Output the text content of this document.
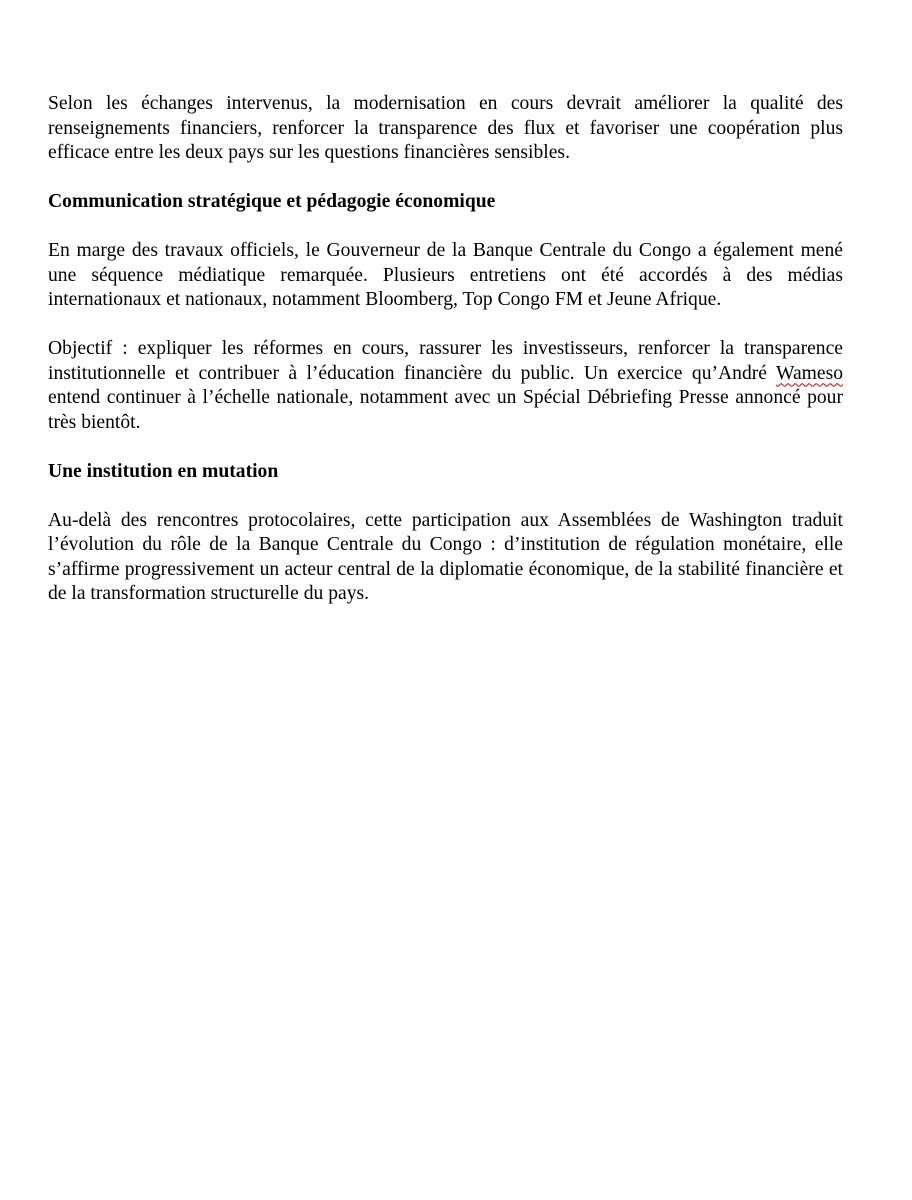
Selon les échanges intervenus, la modernisation en cours devrait améliorer la qualité des renseignements financiers, renforcer la transparence des flux et favoriser une coopération plus efficace entre les deux pays sur les questions financières sensibles.

Communication stratégique et pédagogie économique

En marge des travaux officiels, le Gouverneur de la Banque Centrale du Congo a également mené une séquence médiatique remarquée. Plusieurs entretiens ont été accordés à des médias internationaux et nationaux, notamment Bloomberg, Top Congo FM et Jeune Afrique.

Objectif : expliquer les réformes en cours, rassurer les investisseurs, renforcer la transparence institutionnelle et contribuer à l’éducation financière du public. Un exercice qu’André Wameso entend continuer à l’échelle nationale, notamment avec un Spécial Débriefing Presse annoncé pour très bientôt.

Une institution en mutation

Au-delà des rencontres protocolaires, cette participation aux Assemblées de Washington traduit l’évolution du rôle de la Banque Centrale du Congo : d’institution de régulation monétaire, elle s’affirme progressivement un acteur central de la diplomatie économique, de la stabilité financière et de la transformation structurelle du pays.
